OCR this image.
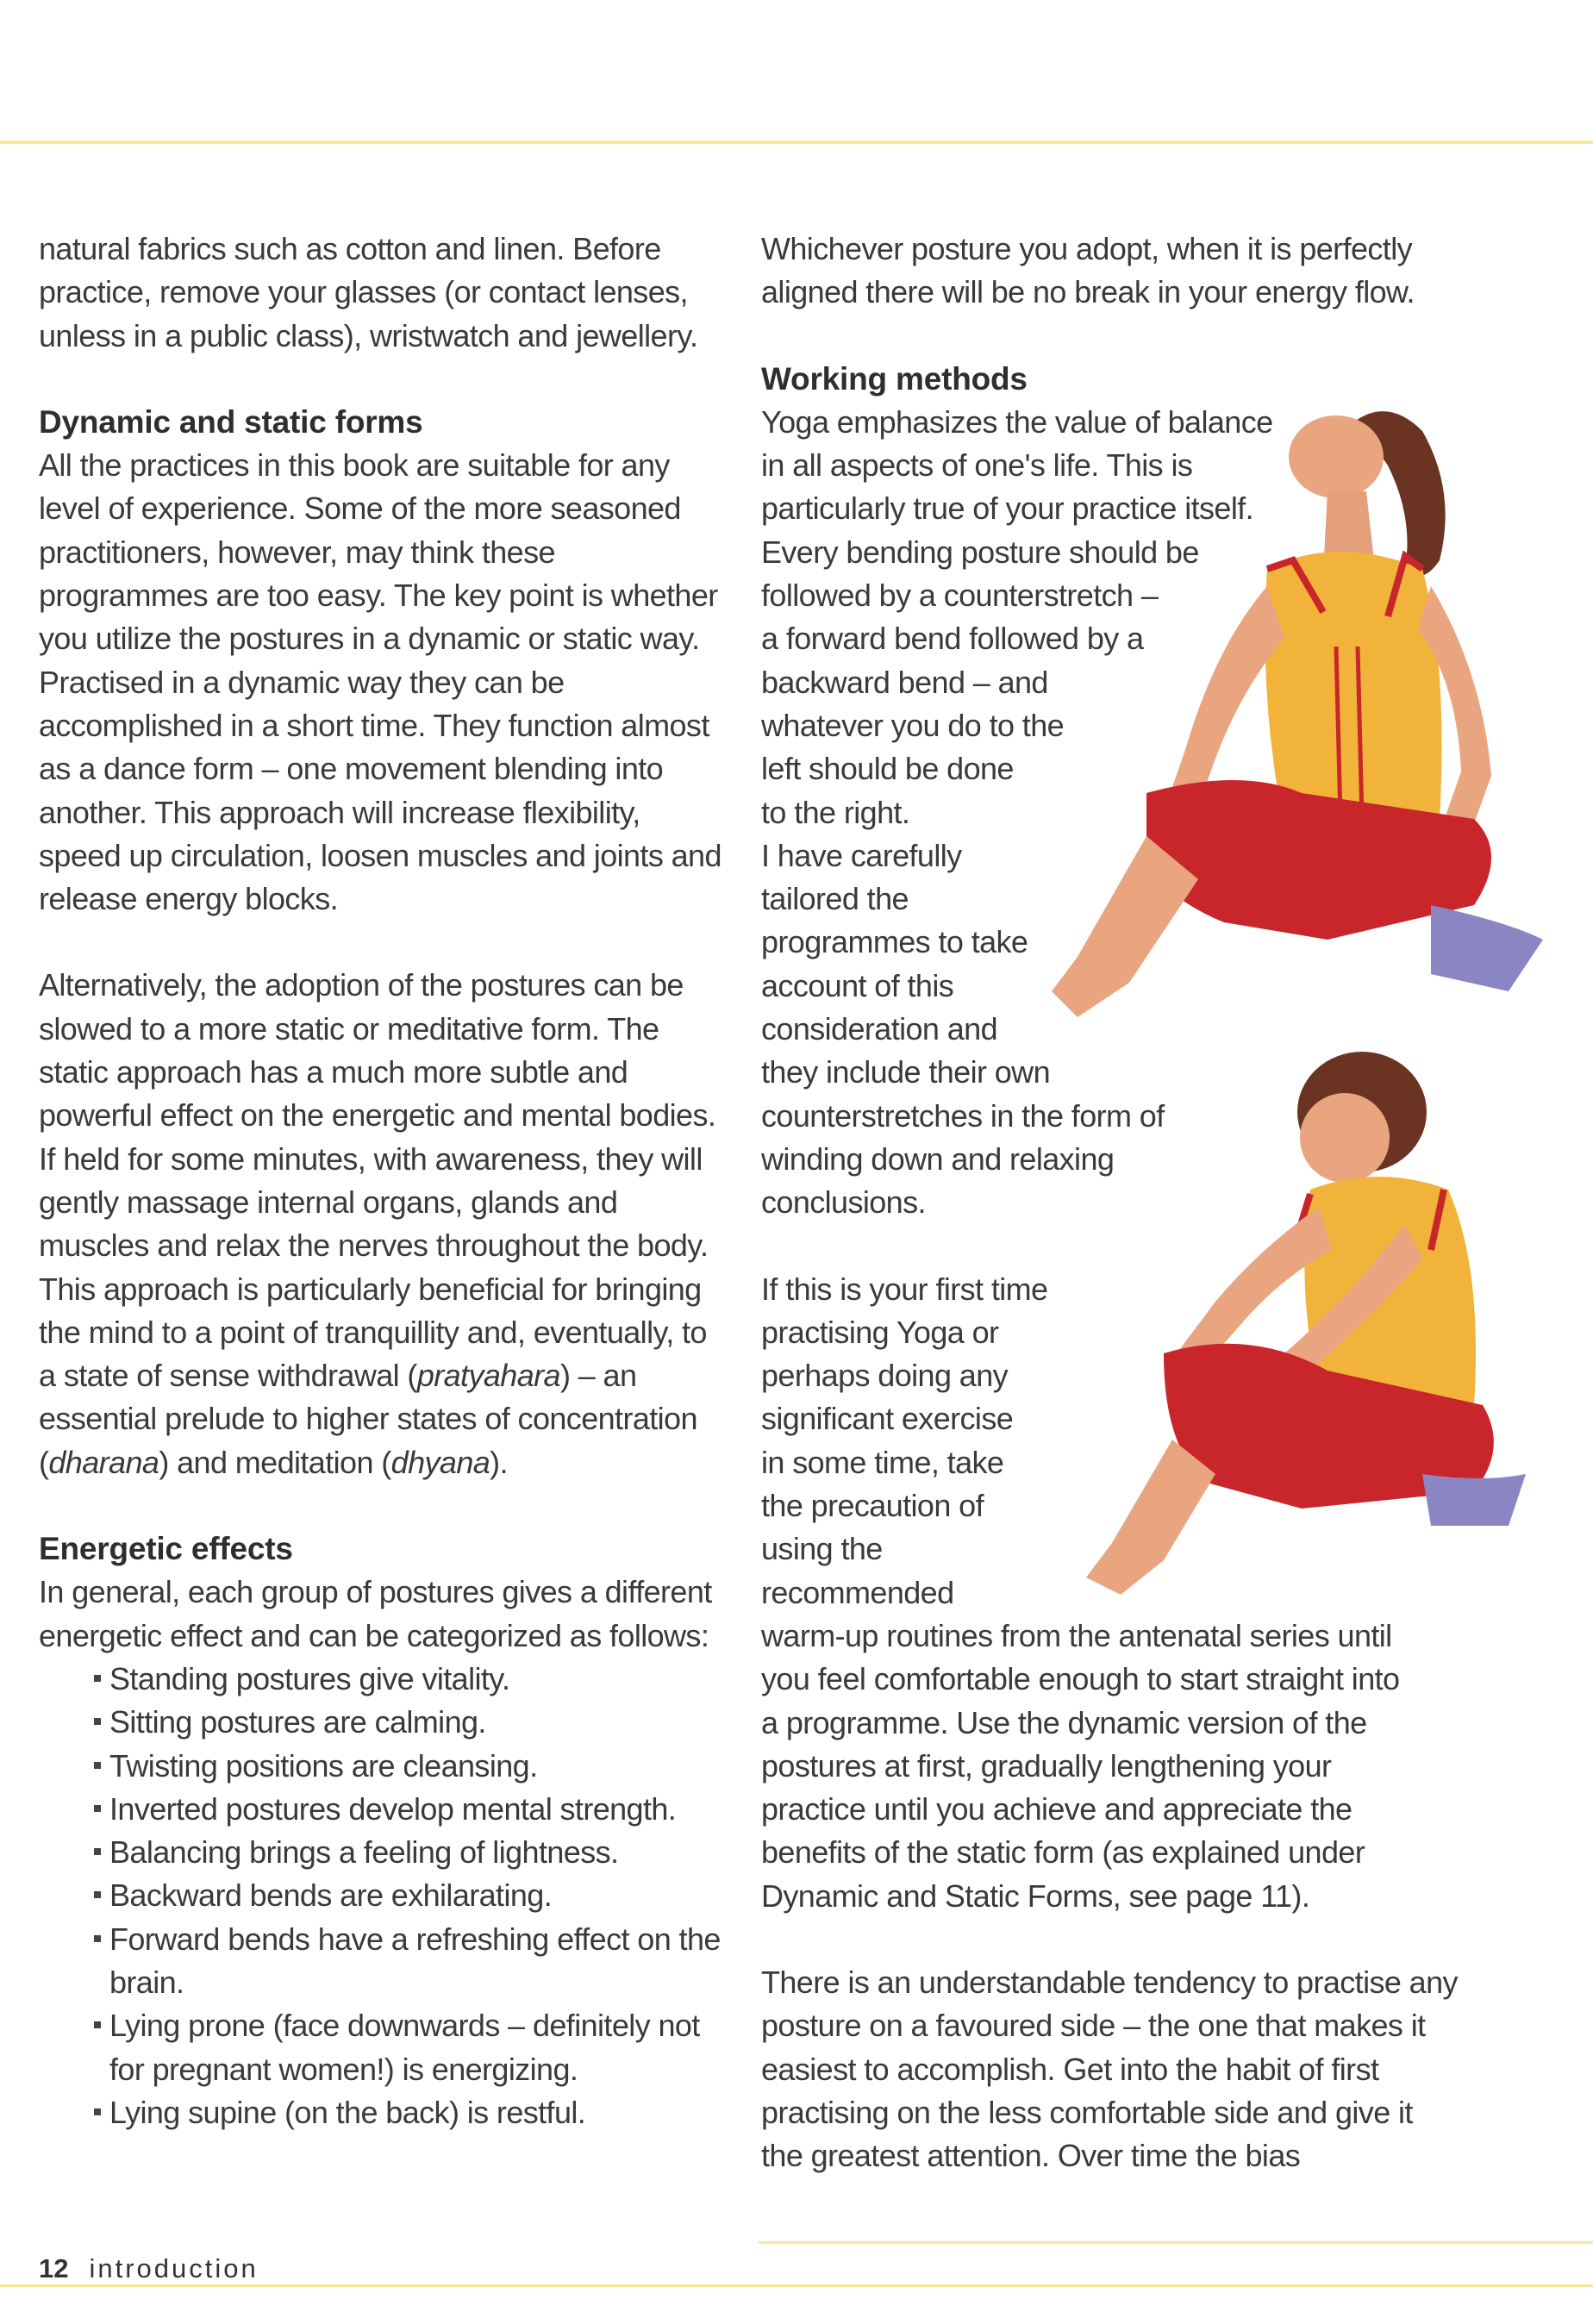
natural fabrics such as cotton and linen. Before practice, remove your glasses (or contact lenses, unless in a public class), wristwatch and jewellery.

Dynamic and static forms

All the practices in this book are suitable for any level of experience. Some of the more seasoned practitioners, however, may think these programmes are too easy. The key point is whether you utilize the postures in a dynamic or static way. Practised in a dynamic way they can be accomplished in a short time. They function almost as a dance form – one movement blending into another. This approach will increase flexibility, speed up circulation, loosen muscles and joints and release energy blocks.

Alternatively, the adoption of the postures can be slowed to a more static or meditative form. The static approach has a much more subtle and powerful effect on the energetic and mental bodies. If held for some minutes, with awareness, they will gently massage internal organs, glands and muscles and relax the nerves throughout the body. This approach is particularly beneficial for bringing the mind to a point of tranquillity and, eventually, to a state of sense withdrawal (pratyahara) – an essential prelude to higher states of concentration (dharana) and meditation (dhyana).

Energetic effects

In general, each group of postures gives a different energetic effect and can be categorized as follows:

Standing postures give vitality.
Sitting postures are calming.
Twisting positions are cleansing.
Inverted postures develop mental strength.
Balancing brings a feeling of lightness.
Backward bends are exhilarating.
Forward bends have a refreshing effect on the brain.
Lying prone (face downwards – definitely not for pregnant women!) is energizing.
Lying supine (on the back) is restful.

Whichever posture you adopt, when it is perfectly aligned there will be no break in your energy flow.

Working methods

Yoga emphasizes the value of balance
in all aspects of one's life. This is
particularly true of your practice itself.
Every bending posture should be
followed by a counterstretch –
a forward bend followed by a
backward bend – and
whatever you do to the
left should be done
to the right.
I have carefully
tailored the
programmes to take
account of this
consideration and
they include their own
counterstretches in the form of
winding down and relaxing
conclusions.

If this is your first time
practising Yoga or
perhaps doing any
significant exercise
in some time, take
the precaution of
using the
recommended
warm-up routines from the antenatal series until
you feel comfortable enough to start straight into
a programme. Use the dynamic version of the
postures at first, gradually lengthening your
practice until you achieve and appreciate the
benefits of the static form (as explained under
Dynamic and Static Forms, see page 11).

There is an understandable tendency to practise any posture on a favoured side – the one that makes it easiest to accomplish. Get into the habit of first practising on the less comfortable side and give it the greatest attention. Over time the bias

12 introduction
